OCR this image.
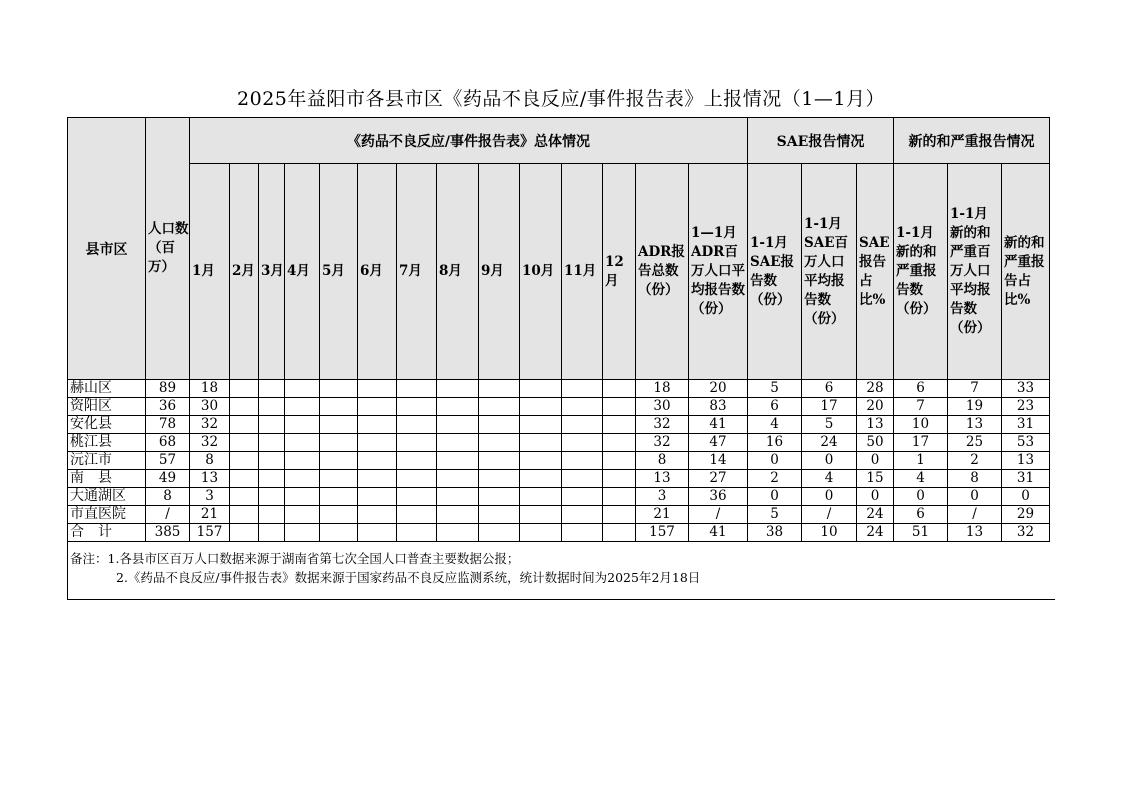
2025年益阳市各县市区《药品不良反应/事件报告表》上报情况（1—1月）
县市区	人口数（百万）	《药品不良反应/事件报告表》总体情况														SAE报告情况			新的和严重报告情况		
		1月	2月	3月	4月	5月	6月	7月	8月	9月	10月	11月	12月	ADR报告总数（份）	1—1月ADR百万人口平均报告数（份）	1-1月SAE报告数（份）	1-1月SAE百万人口平均报告数（份）	SAE报告占比%	1-1月新的和严重报告数（份）	1-1月新的和严重百万人口平均报告数（份）	新的和严重报告占比%
赫山区	89	18												18	20	5	6	28	6	7	33
资阳区	36	30												30	83	6	17	20	7	19	23
安化县	78	32												32	41	4	5	13	10	13	31
桃江县	68	32												32	47	16	24	50	17	25	53
沅江市	57	8												8	14	0	0	0	1	2	13
南　县	49	13												13	27	2	4	15	4	8	31
大通湖区	8	3												3	36	0	0	0	0	0	0
市直医院	/	21												21	/	5	/	24	6	/	29
合　计	385	157												157	41	38	10	24	51	13	32
备注：1.各县市区百万人口数据来源于湖南省第七次全国人口普查主要数据公报；
2.《药品不良反应/事件报告表》数据来源于国家药品不良反应监测系统，统计数据时间为2025年2月18日
